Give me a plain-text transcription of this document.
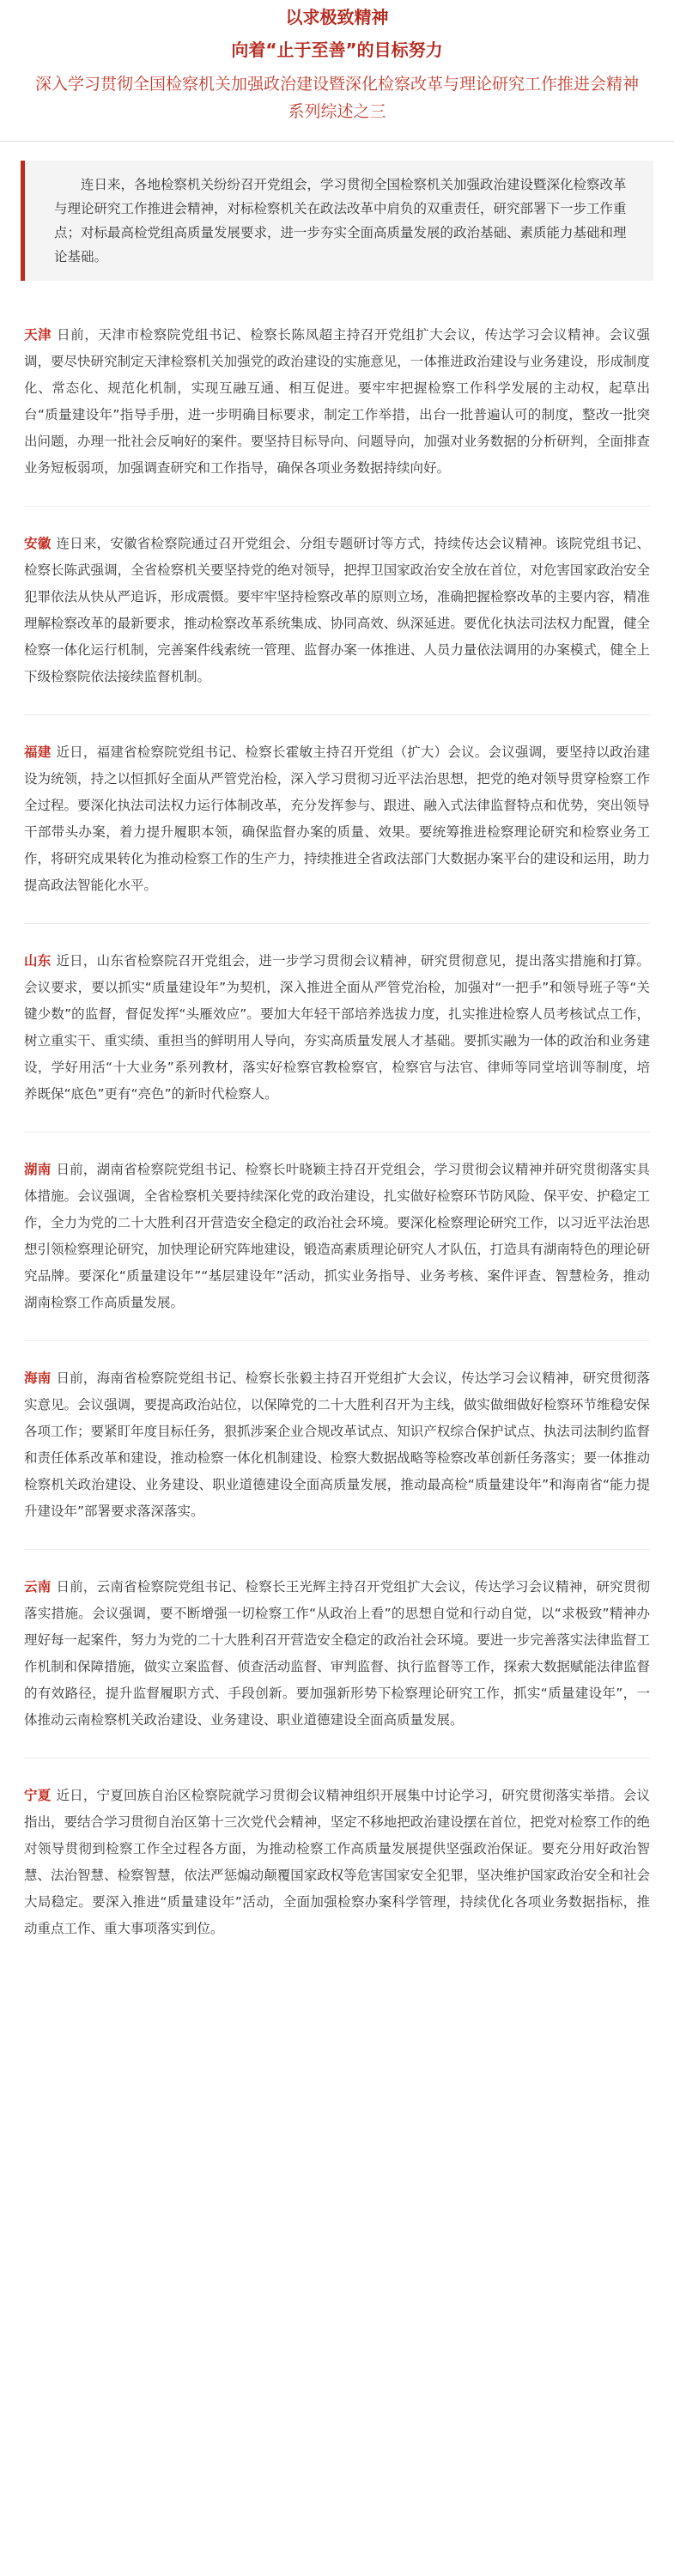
以求极致精神
向着“止于至善”的目标努力
深入学习贯彻全国检察机关加强政治建设暨深化检察改革与理论研究工作推进会精神系列综述之三
连日来，各地检察机关纷纷召开党组会，学习贯彻全国检察机关加强政治建设暨深化检察改革与理论研究工作推进会精神，对标检察机关在政法改革中肩负的双重责任，研究部署下一步工作重点；对标最高检党组高质量发展要求，进一步夯实全面高质量发展的政治基础、素质能力基础和理论基础。

天津 日前，天津市检察院党组书记、检察长陈凤超主持召开党组扩大会议，传达学习会议精神。会议强调，要尽快研究制定天津检察机关加强党的政治建设的实施意见，一体推进政治建设与业务建设，形成制度化、常态化、规范化机制，实现互融互通、相互促进。要牢牢把握检察工作科学发展的主动权，起草出台“质量建设年”指导手册，进一步明确目标要求，制定工作举措，出台一批普遍认可的制度，整改一批突出问题，办理一批社会反响好的案件。要坚持目标导向、问题导向，加强对业务数据的分析研判，全面排查业务短板弱项，加强调查研究和工作指导，确保各项业务数据持续向好。

安徽 连日来，安徽省检察院通过召开党组会、分组专题研讨等方式，持续传达会议精神。该院党组书记、检察长陈武强调，全省检察机关要坚持党的绝对领导，把捍卫国家政治安全放在首位，对危害国家政治安全犯罪依法从快从严追诉，形成震慑。要牢牢坚持检察改革的原则立场，准确把握检察改革的主要内容，精准理解检察改革的最新要求，推动检察改革系统集成、协同高效、纵深延进。要优化执法司法权力配置，健全检察一体化运行机制，完善案件线索统一管理、监督办案一体推进、人员力量依法调用的办案模式，健全上下级检察院依法接续监督机制。

福建 近日，福建省检察院党组书记、检察长霍敏主持召开党组（扩大）会议。会议强调，要坚持以政治建设为统领，持之以恒抓好全面从严管党治检，深入学习贯彻习近平法治思想，把党的绝对领导贯穿检察工作全过程。要深化执法司法权力运行体制改革，充分发挥参与、跟进、融入式法律监督特点和优势，突出领导干部带头办案，着力提升履职本领，确保监督办案的质量、效果。要统筹推进检察理论研究和检察业务工作，将研究成果转化为推动检察工作的生产力，持续推进全省政法部门大数据办案平台的建设和运用，助力提高政法智能化水平。

山东 近日，山东省检察院召开党组会，进一步学习贯彻会议精神，研究贯彻意见，提出落实措施和打算。会议要求，要以抓实“质量建设年”为契机，深入推进全面从严管党治检，加强对“一把手”和领导班子等“关键少数”的监督，督促发挥“头雁效应”。要加大年轻干部培养选拔力度，扎实推进检察人员考核试点工作，树立重实干、重实绩、重担当的鲜明用人导向，夯实高质量发展人才基础。要抓实融为一体的政治和业务建设，学好用活“十大业务”系列教材，落实好检察官教检察官，检察官与法官、律师等同堂培训等制度，培养既保“底色”更有“亮色”的新时代检察人。

湖南 日前，湖南省检察院党组书记、检察长叶晓颖主持召开党组会，学习贯彻会议精神并研究贯彻落实具体措施。会议强调，全省检察机关要持续深化党的政治建设，扎实做好检察环节防风险、保平安、护稳定工作，全力为党的二十大胜利召开营造安全稳定的政治社会环境。要深化检察理论研究工作，以习近平法治思想引领检察理论研究，加快理论研究阵地建设，锻造高素质理论研究人才队伍，打造具有湖南特色的理论研究品牌。要深化“质量建设年”“基层建设年”活动，抓实业务指导、业务考核、案件评查、智慧检务，推动湖南检察工作高质量发展。

海南 日前，海南省检察院党组书记、检察长张毅主持召开党组扩大会议，传达学习会议精神，研究贯彻落实意见。会议强调，要提高政治站位，以保障党的二十大胜利召开为主线，做实做细做好检察环节维稳安保各项工作；要紧盯年度目标任务，狠抓涉案企业合规改革试点、知识产权综合保护试点、执法司法制约监督和责任体系改革和建设，推动检察一体化机制建设、检察大数据战略等检察改革创新任务落实；要一体推动检察机关政治建设、业务建设、职业道德建设全面高质量发展，推动最高检“质量建设年”和海南省“能力提升建设年”部署要求落深落实。

云南 日前，云南省检察院党组书记、检察长王光辉主持召开党组扩大会议，传达学习会议精神，研究贯彻落实措施。会议强调，要不断增强一切检察工作“从政治上看”的思想自觉和行动自觉，以“求极致”精神办理好每一起案件，努力为党的二十大胜利召开营造安全稳定的政治社会环境。要进一步完善落实法律监督工作机制和保障措施，做实立案监督、侦查活动监督、审判监督、执行监督等工作，探索大数据赋能法律监督的有效路径，提升监督履职方式、手段创新。要加强新形势下检察理论研究工作，抓实“质量建设年”，一体推动云南检察机关政治建设、业务建设、职业道德建设全面高质量发展。

宁夏 近日，宁夏回族自治区检察院就学习贯彻会议精神组织开展集中讨论学习，研究贯彻落实举措。会议指出，要结合学习贯彻自治区第十三次党代会精神，坚定不移地把政治建设摆在首位，把党对检察工作的绝对领导贯彻到检察工作全过程各方面，为推动检察工作高质量发展提供坚强政治保证。要充分用好政治智慧、法治智慧、检察智慧，依法严惩煽动颠覆国家政权等危害国家安全犯罪，坚决维护国家政治安全和社会大局稳定。要深入推进“质量建设年”活动，全面加强检察办案科学管理，持续优化各项业务数据指标，推动重点工作、重大事项落实到位。
